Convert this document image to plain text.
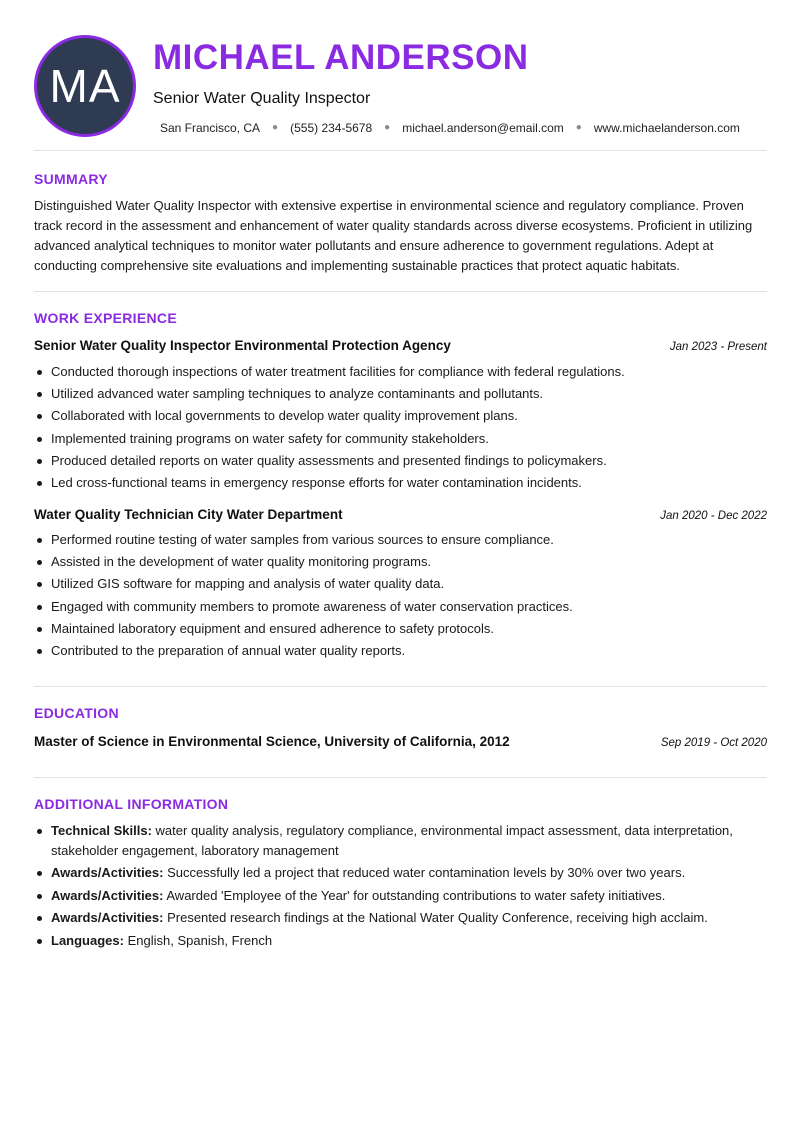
MA
MICHAEL ANDERSON
Senior Water Quality Inspector
San Francisco, CA ● (555) 234-5678 ● michael.anderson@email.com ● www.michaelanderson.com
SUMMARY

Distinguished Water Quality Inspector with extensive expertise in environmental science and regulatory compliance. Proven track record in the assessment and enhancement of water quality standards across diverse ecosystems. Proficient in utilizing advanced analytical techniques to monitor water pollutants and ensure adherence to government regulations. Adept at conducting comprehensive site evaluations and implementing sustainable practices that protect aquatic habitats.

WORK EXPERIENCE
Senior Water Quality Inspector Environmental Protection Agency	Jan 2023 - Present
Conducted thorough inspections of water treatment facilities for compliance with federal regulations.
Utilized advanced water sampling techniques to analyze contaminants and pollutants.
Collaborated with local governments to develop water quality improvement plans.
Implemented training programs on water safety for community stakeholders.
Produced detailed reports on water quality assessments and presented findings to policymakers.
Led cross-functional teams in emergency response efforts for water contamination incidents.
Water Quality Technician City Water Department	Jan 2020 - Dec 2022
Performed routine testing of water samples from various sources to ensure compliance.
Assisted in the development of water quality monitoring programs.
Utilized GIS software for mapping and analysis of water quality data.
Engaged with community members to promote awareness of water conservation practices.
Maintained laboratory equipment and ensured adherence to safety protocols.
Contributed to the preparation of annual water quality reports.
EDUCATION
Master of Science in Environmental Science, University of California, 2012	Sep 2019 - Oct 2020
ADDITIONAL INFORMATION
Technical Skills: water quality analysis, regulatory compliance, environmental impact assessment, data interpretation, stakeholder engagement, laboratory management
Awards/Activities: Successfully led a project that reduced water contamination levels by 30% over two years.
Awards/Activities: Awarded 'Employee of the Year' for outstanding contributions to water safety initiatives.
Awards/Activities: Presented research findings at the National Water Quality Conference, receiving high acclaim.
Languages: English, Spanish, French
